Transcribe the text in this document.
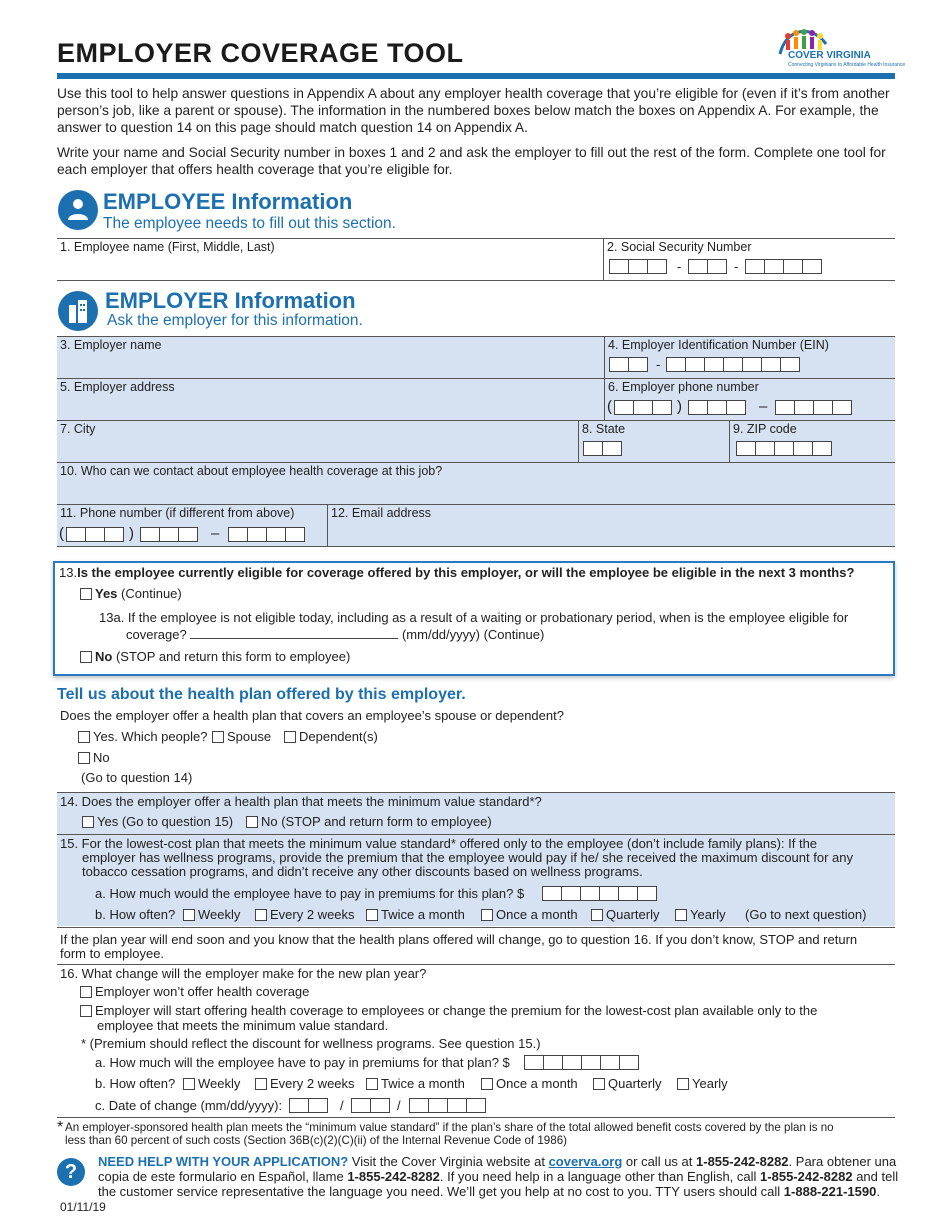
EMPLOYER COVERAGE TOOL	COVER VIRGINIA
Connecting Virginians to Affordable Health Insurance
Use this tool to help answer questions in Appendix A about any employer health coverage that you’re eligible for (even if it’s from another person’s job, like a parent or spouse). The information in the numbered boxes below match the boxes on Appendix A. For example, the answer to question 14 on this page should match question 14 on Appendix A.
Write your name and Social Security number in boxes 1 and 2 and ask the employer to fill out the rest of the form. Complete one tool for each employer that offers health coverage that you’re eligible for.
EMPLOYEE Information
The employee needs to fill out this section.
1. Employee name (First, Middle, Last)	2. Social Security Number
-	-
EMPLOYER Information
Ask the employer for this information.
3. Employer name	4. Employer Identification Number (EIN)
-
5. Employer address	6. Employer phone number
(	)	–
7. City	8. State	9. ZIP code
10. Who can we contact about employee health coverage at this job?
11. Phone number (if different from above)
(	)	–
12. Email address
13.Is the employee currently eligible for coverage offered by this employer, or will the employee be eligible in the next 3 months?
Yes (Continue)
13a. If the employee is not eligible today, including as a result of a waiting or probationary period, when is the employee eligible for
coverage?	(mm/dd/yyyy) (Continue)
No (STOP and return this form to employee)
Tell us about the health plan offered by this employer.
Does the employer offer a health plan that covers an employee’s spouse or dependent?
Yes. Which people?	Spouse	Dependent(s)
No
(Go to question 14)
14. Does the employer offer a health plan that meets the minimum value standard*?
Yes (Go to question 15)	No (STOP and return form to employee)
15. For the lowest-cost plan that meets the minimum value standard* offered only to the employee (don’t include family plans): If the
employer has wellness programs, provide the premium that the employee would pay if he/ she received the maximum discount for any
tobacco cessation programs, and didn’t receive any other discounts based on wellness programs.
a. How much would the employee have to pay in premiums for this plan? $
b. How often?	Weekly	Every 2 weeks	Twice a month	Once a month	Quarterly	Yearly (Go to next question)
If the plan year will end soon and you know that the health plans offered will change, go to question 16. If you don’t know, STOP and return
form to employee.
16. What change will the employer make for the new plan year?
Employer won’t offer health coverage
Employer will start offering health coverage to employees or change the premium for the lowest-cost plan available only to the
employee that meets the minimum value standard.
* (Premium should reflect the discount for wellness programs. See question 15.)
a. How much will the employee have to pay in premiums for that plan? $
b. How often?	Weekly	Every 2 weeks	Twice a month	Once a month	Quarterly	Yearly
c. Date of change (mm/dd/yyyy):	/	/
* An employer-sponsored health plan meets the “minimum value standard” if the plan’s share of the total allowed benefit costs covered by the plan is no
less than 60 percent of such costs (Section 36B(c)(2)(C)(ii) of the Internal Revenue Code of 1986)
?	NEED HELP WITH YOUR APPLICATION? Visit the Cover Virginia website at coverva.org or call us at 1-855-242-8282. Para obtener una
copia de este formulario en Español, llame 1-855-242-8282. If you need help in a language other than English, call 1-855-242-8282 and tell
the customer service representative the language you need. We’ll get you help at no cost to you. TTY users should call 1-888-221-1590.
01/11/19
